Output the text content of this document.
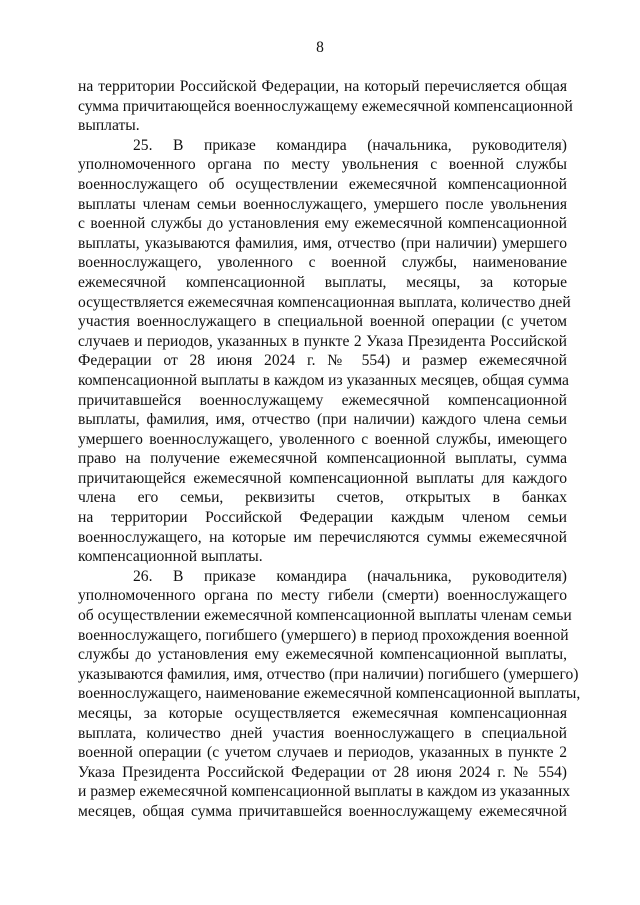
8
на территории Российской Федерации, на который перечисляется общая
сумма причитающейся военнослужащему ежемесячной компенсационной
выплаты.
25. В приказе командира (начальника, руководителя)
уполномоченного органа по месту увольнения с военной службы
военнослужащего об осуществлении ежемесячной компенсационной
выплаты членам семьи военнослужащего, умершего после увольнения
с военной службы до установления ему ежемесячной компенсационной
выплаты, указываются фамилия, имя, отчество (при наличии) умершего
военнослужащего, уволенного с военной службы, наименование
ежемесячной компенсационной выплаты, месяцы, за которые
осуществляется ежемесячная компенсационная выплата, количество дней
участия военнослужащего в специальной военной операции (с учетом
случаев и периодов, указанных в пункте 2 Указа Президента Российской
Федерации от 28 июня 2024 г. № 554) и размер ежемесячной
компенсационной выплаты в каждом из указанных месяцев, общая сумма
причитавшейся военнослужащему ежемесячной компенсационной
выплаты, фамилия, имя, отчество (при наличии) каждого члена семьи
умершего военнослужащего, уволенного с военной службы, имеющего
право на получение ежемесячной компенсационной выплаты, сумма
причитающейся ежемесячной компенсационной выплаты для каждого
члена его семьи, реквизиты счетов, открытых в банках
на территории Российской Федерации каждым членом семьи
военнослужащего, на которые им перечисляются суммы ежемесячной
компенсационной выплаты.
26. В приказе командира (начальника, руководителя)
уполномоченного органа по месту гибели (смерти) военнослужащего
об осуществлении ежемесячной компенсационной выплаты членам семьи
военнослужащего, погибшего (умершего) в период прохождения военной
службы до установления ему ежемесячной компенсационной выплаты,
указываются фамилия, имя, отчество (при наличии) погибшего (умершего)
военнослужащего, наименование ежемесячной компенсационной выплаты,
месяцы, за которые осуществляется ежемесячная компенсационная
выплата, количество дней участия военнослужащего в специальной
военной операции (с учетом случаев и периодов, указанных в пункте 2
Указа Президента Российской Федерации от 28 июня 2024 г. № 554)
и размер ежемесячной компенсационной выплаты в каждом из указанных
месяцев, общая сумма причитавшейся военнослужащему ежемесячной
